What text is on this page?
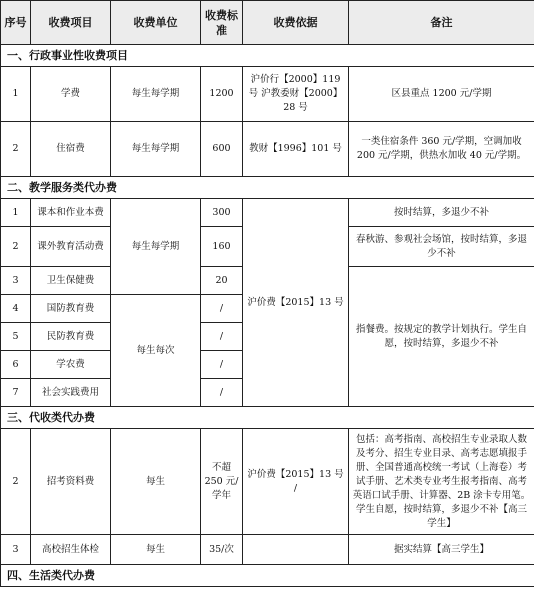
序号	收费项目	收费单位	收费标准	收费依据	备注
一、行政事业性收费项目					
1	学费	每生每学期	1200	沪价行【2000】119 号 沪教委财【2000】28 号	区县重点 1200 元/学期
2	住宿费	每生每学期	600	教财【1996】101 号	一类住宿条件 360 元/学期，空调加收 200 元/学期，供热水加收 40 元/学期。
二、教学服务类代办费					
1	课本和作业本费	每生每学期	300	沪价费【2015】13 号	按时结算，多退少不补
2	课外教育活动费		160		春秋游、参观社会场馆，按时结算，多退少不补
3	卫生保健费		20		指餐费。按规定的教学计划执行。学生自愿，按时结算，多退少不补
4	国防教育费	每生每次	/		
5	民防教育费		/		
6	学农费		/		
7	社会实践费用		/		
三、代收类代办费					
2	招考资料费	每生	不超 250 元/学年	沪价费【2015】13 号 /	包括：高考指南、高校招生专业录取人数及考分、招生专业目录、高考志愿填报手册、全国普通高校统一考试（上海卷）考试手册、艺术类专业考生报考指南、高考英语口试手册、计算器、2B 涂卡专用笔。学生自愿，按时结算，多退少不补【高三学生】
3	高校招生体检	每生	35/次		据实结算【高三学生】
四、生活类代办费					
